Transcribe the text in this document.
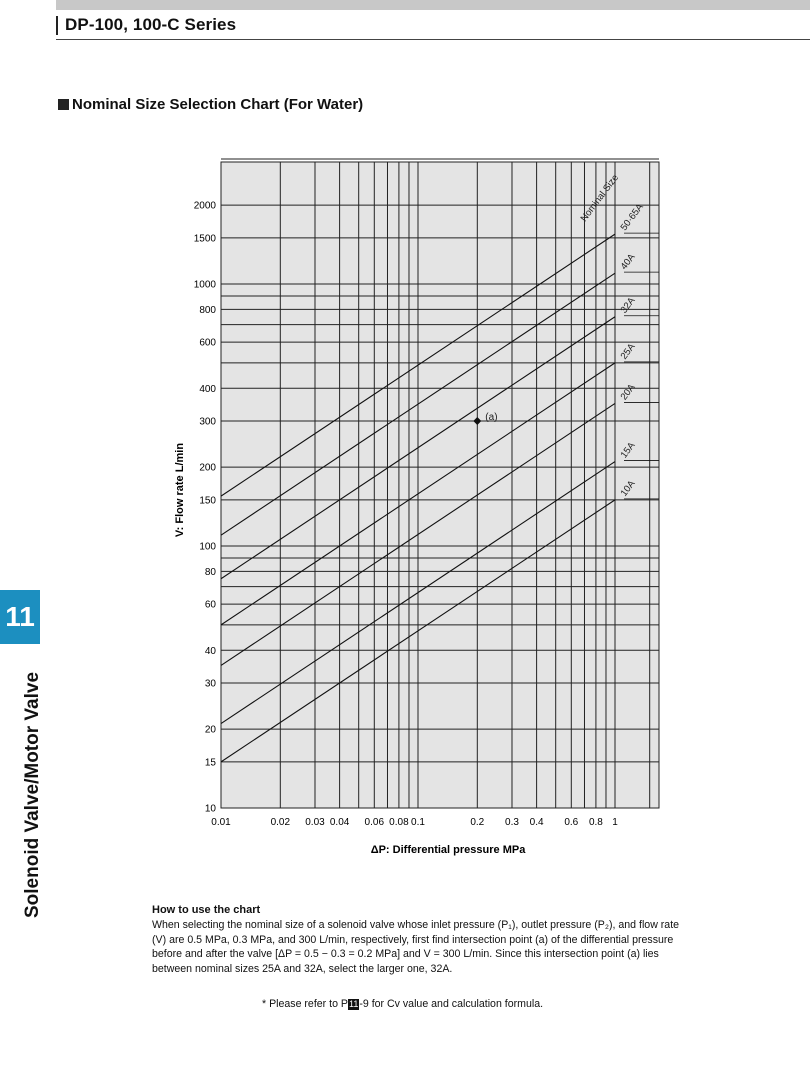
DP-100, 100-C Series
Nominal Size Selection Chart (For Water)
10A
15A
20A
25A
32A
40A
50·65A
Nominal Size
0.01	0.02 0.03 0.04 0.06 0.08 0.1	0.2 0.3 0.4 0.6 0.8 1
10
15
20
30
40
60
80
100
150
200
300
400
600
800
1000
1500
2000
(a)
ΔP: Differential pressure MPa
V: Flow rate L/min
11
Solenoid Valve/Motor Valve	How to use the chart
When selecting the nominal size of a solenoid valve whose inlet pressure (P₁), outlet pressure (P₂), and flow rate (V) are 0.5 MPa, 0.3 MPa, and 300 L/min, respectively, first find intersection point (a) of the differential pressure before and after the valve [ΔP = 0.5 − 0.3 = 0.2 MPa] and V = 300 L/min. Since this intersection point (a) lies between nominal sizes 25A and 32A, select the larger one, 32A.
* Please refer to P11-9 for Cv value and calculation formula.
